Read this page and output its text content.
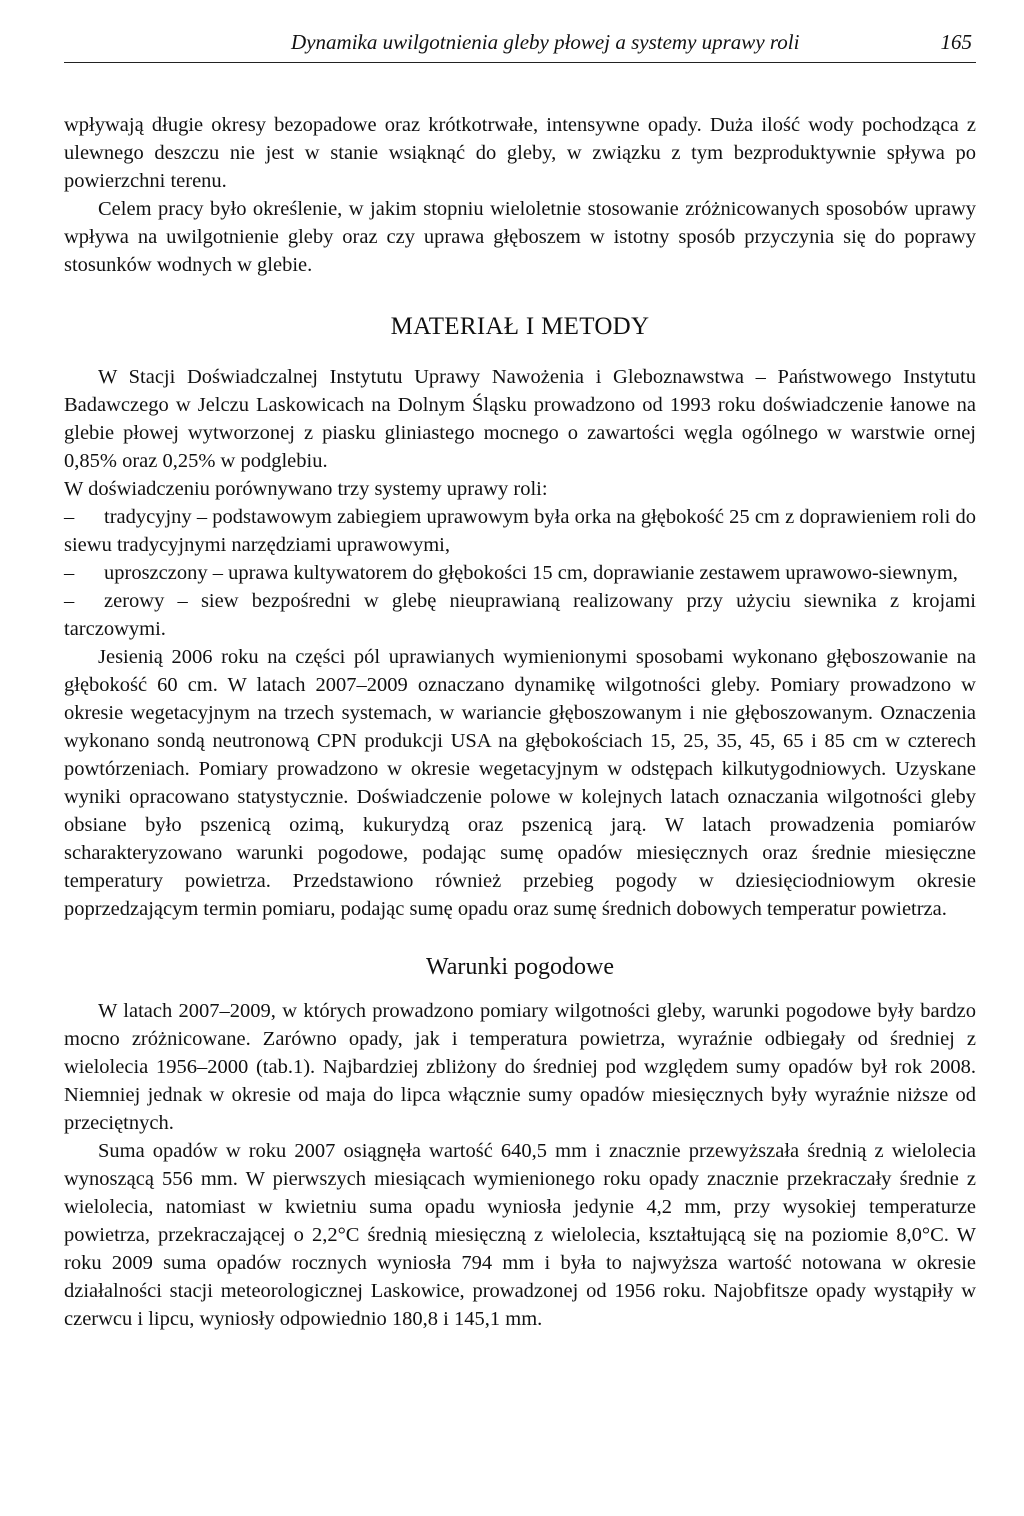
Dynamika uwilgotnienia gleby płowej a systemy uprawy roli	165

wpływają długie okresy bezopadowe oraz krótkotrwałe, intensywne opady. Duża ilość wody pochodząca z ulewnego deszczu nie jest w stanie wsiąknąć do gleby, w związku z tym bezproduktywnie spływa po powierzchni terenu.

Celem pracy było określenie, w jakim stopniu wieloletnie stosowanie zróżnicowanych sposobów uprawy wpływa na uwilgotnienie gleby oraz czy uprawa głęboszem w istotny sposób przyczynia się do poprawy stosunków wodnych w glebie.

MATERIAŁ I METODY

W Stacji Doświadczalnej Instytutu Uprawy Nawożenia i Gleboznawstwa – Państwowego Instytutu Badawczego w Jelczu Laskowicach na Dolnym Śląsku prowadzono od 1993 roku doświadczenie łanowe na glebie płowej wytworzonej z piasku gliniastego mocnego o zawartości węgla ogólnego w warstwie ornej 0,85% oraz 0,25% w podglebiu.

W doświadczeniu porównywano trzy systemy uprawy roli:

– tradycyjny – podstawowym zabiegiem uprawowym była orka na głębokość 25 cm z doprawieniem roli do siewu tradycyjnymi narzędziami uprawowymi,

– uproszczony – uprawa kultywatorem do głębokości 15 cm, doprawianie zestawem uprawowo-siewnym,

– zerowy – siew bezpośredni w glebę nieuprawianą realizowany przy użyciu siewnika z krojami tarczowymi.

Jesienią 2006 roku na części pól uprawianych wymienionymi sposobami wykonano głęboszowanie na głębokość 60 cm. W latach 2007–2009 oznaczano dynamikę wilgotności gleby. Pomiary prowadzono w okresie wegetacyjnym na trzech systemach, w wariancie głęboszowanym i nie głęboszowanym. Oznaczenia wykonano sondą neutronową CPN produkcji USA na głębokościach 15, 25, 35, 45, 65 i 85 cm w czterech powtórzeniach. Pomiary prowadzono w okresie wegetacyjnym w odstępach kilkutygodniowych. Uzyskane wyniki opracowano statystycznie. Doświadczenie polowe w kolejnych latach oznaczania wilgotności gleby obsiane było pszenicą ozimą, kukurydzą oraz pszenicą jarą. W latach prowadzenia pomiarów scharakteryzowano warunki pogodowe, podając sumę opadów miesięcznych oraz średnie miesięczne temperatury powietrza. Przedstawiono również przebieg pogody w dziesięciodniowym okresie poprzedzającym termin pomiaru, podając sumę opadu oraz sumę średnich dobowych temperatur powietrza.

Warunki pogodowe

W latach 2007–2009, w których prowadzono pomiary wilgotności gleby, warunki pogodowe były bardzo mocno zróżnicowane. Zarówno opady, jak i temperatura powietrza, wyraźnie odbiegały od średniej z wielolecia 1956–2000 (tab.1). Najbardziej zbliżony do średniej pod względem sumy opadów był rok 2008. Niemniej jednak w okresie od maja do lipca włącznie sumy opadów miesięcznych były wyraźnie niższe od przeciętnych.

Suma opadów w roku 2007 osiągnęła wartość 640,5 mm i znacznie przewyższała średnią z wielolecia wynoszącą 556 mm. W pierwszych miesiącach wymienionego roku opady znacznie przekraczały średnie z wielolecia, natomiast w kwietniu suma opadu wyniosła jedynie 4,2 mm, przy wysokiej temperaturze powietrza, przekraczającej o 2,2°C średnią miesięczną z wielolecia, kształtującą się na poziomie 8,0°C. W roku 2009 suma opadów rocznych wyniosła 794 mm i była to najwyższa wartość notowana w okresie działalności stacji meteorologicznej Laskowice, prowadzonej od 1956 roku. Najobfitsze opady wystąpiły w czerwcu i lipcu, wyniosły odpowiednio 180,8 i 145,1 mm.
